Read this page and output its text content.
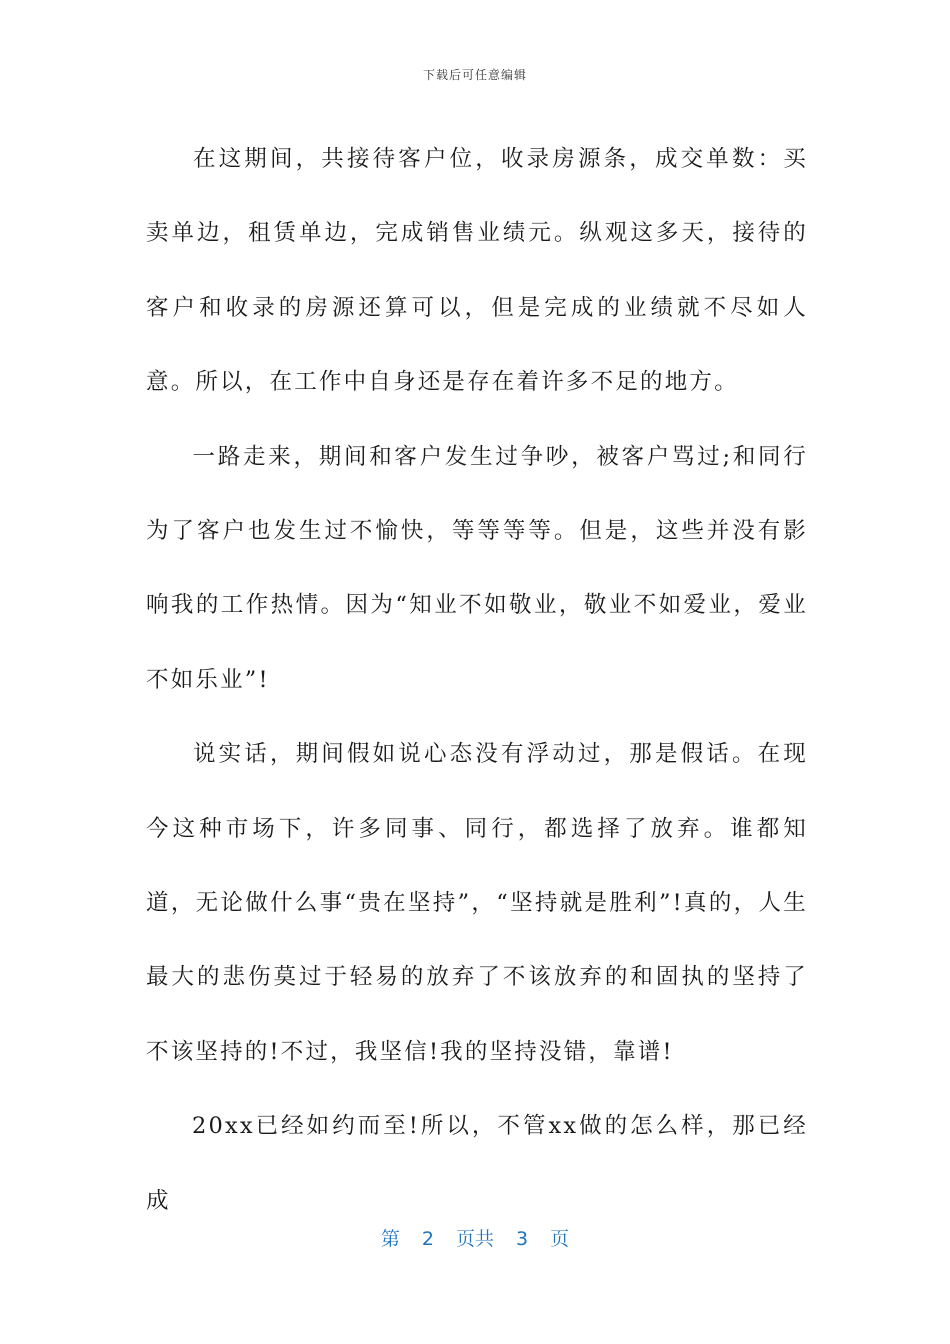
下载后可任意编辑

在这期间，共接待客户位，收录房源条，成交单数：买卖单边，租赁单边，完成销售业绩元。纵观这多天，接待的客户和收录的房源还算可以，但是完成的业绩就不尽如人意。所以，在工作中自身还是存在着许多不足的地方。

一路走来，期间和客户发生过争吵，被客户骂过;和同行为了客户也发生过不愉快，等等等等。但是，这些并没有影响我的工作热情。因为“知业不如敬业，敬业不如爱业，爱业不如乐业”!

说实话，期间假如说心态没有浮动过，那是假话。在现今这种市场下，许多同事、同行，都选择了放弃。谁都知道，无论做什么事“贵在坚持”，“坚持就是胜利”!真的，人生最大的悲伤莫过于轻易的放弃了不该放弃的和固执的坚持了不该坚持的!不过，我坚信!我的坚持没错，靠谱!

20xx已经如约而至!所以，不管xx做的怎么样，那已经成

第 2 页共 3 页
